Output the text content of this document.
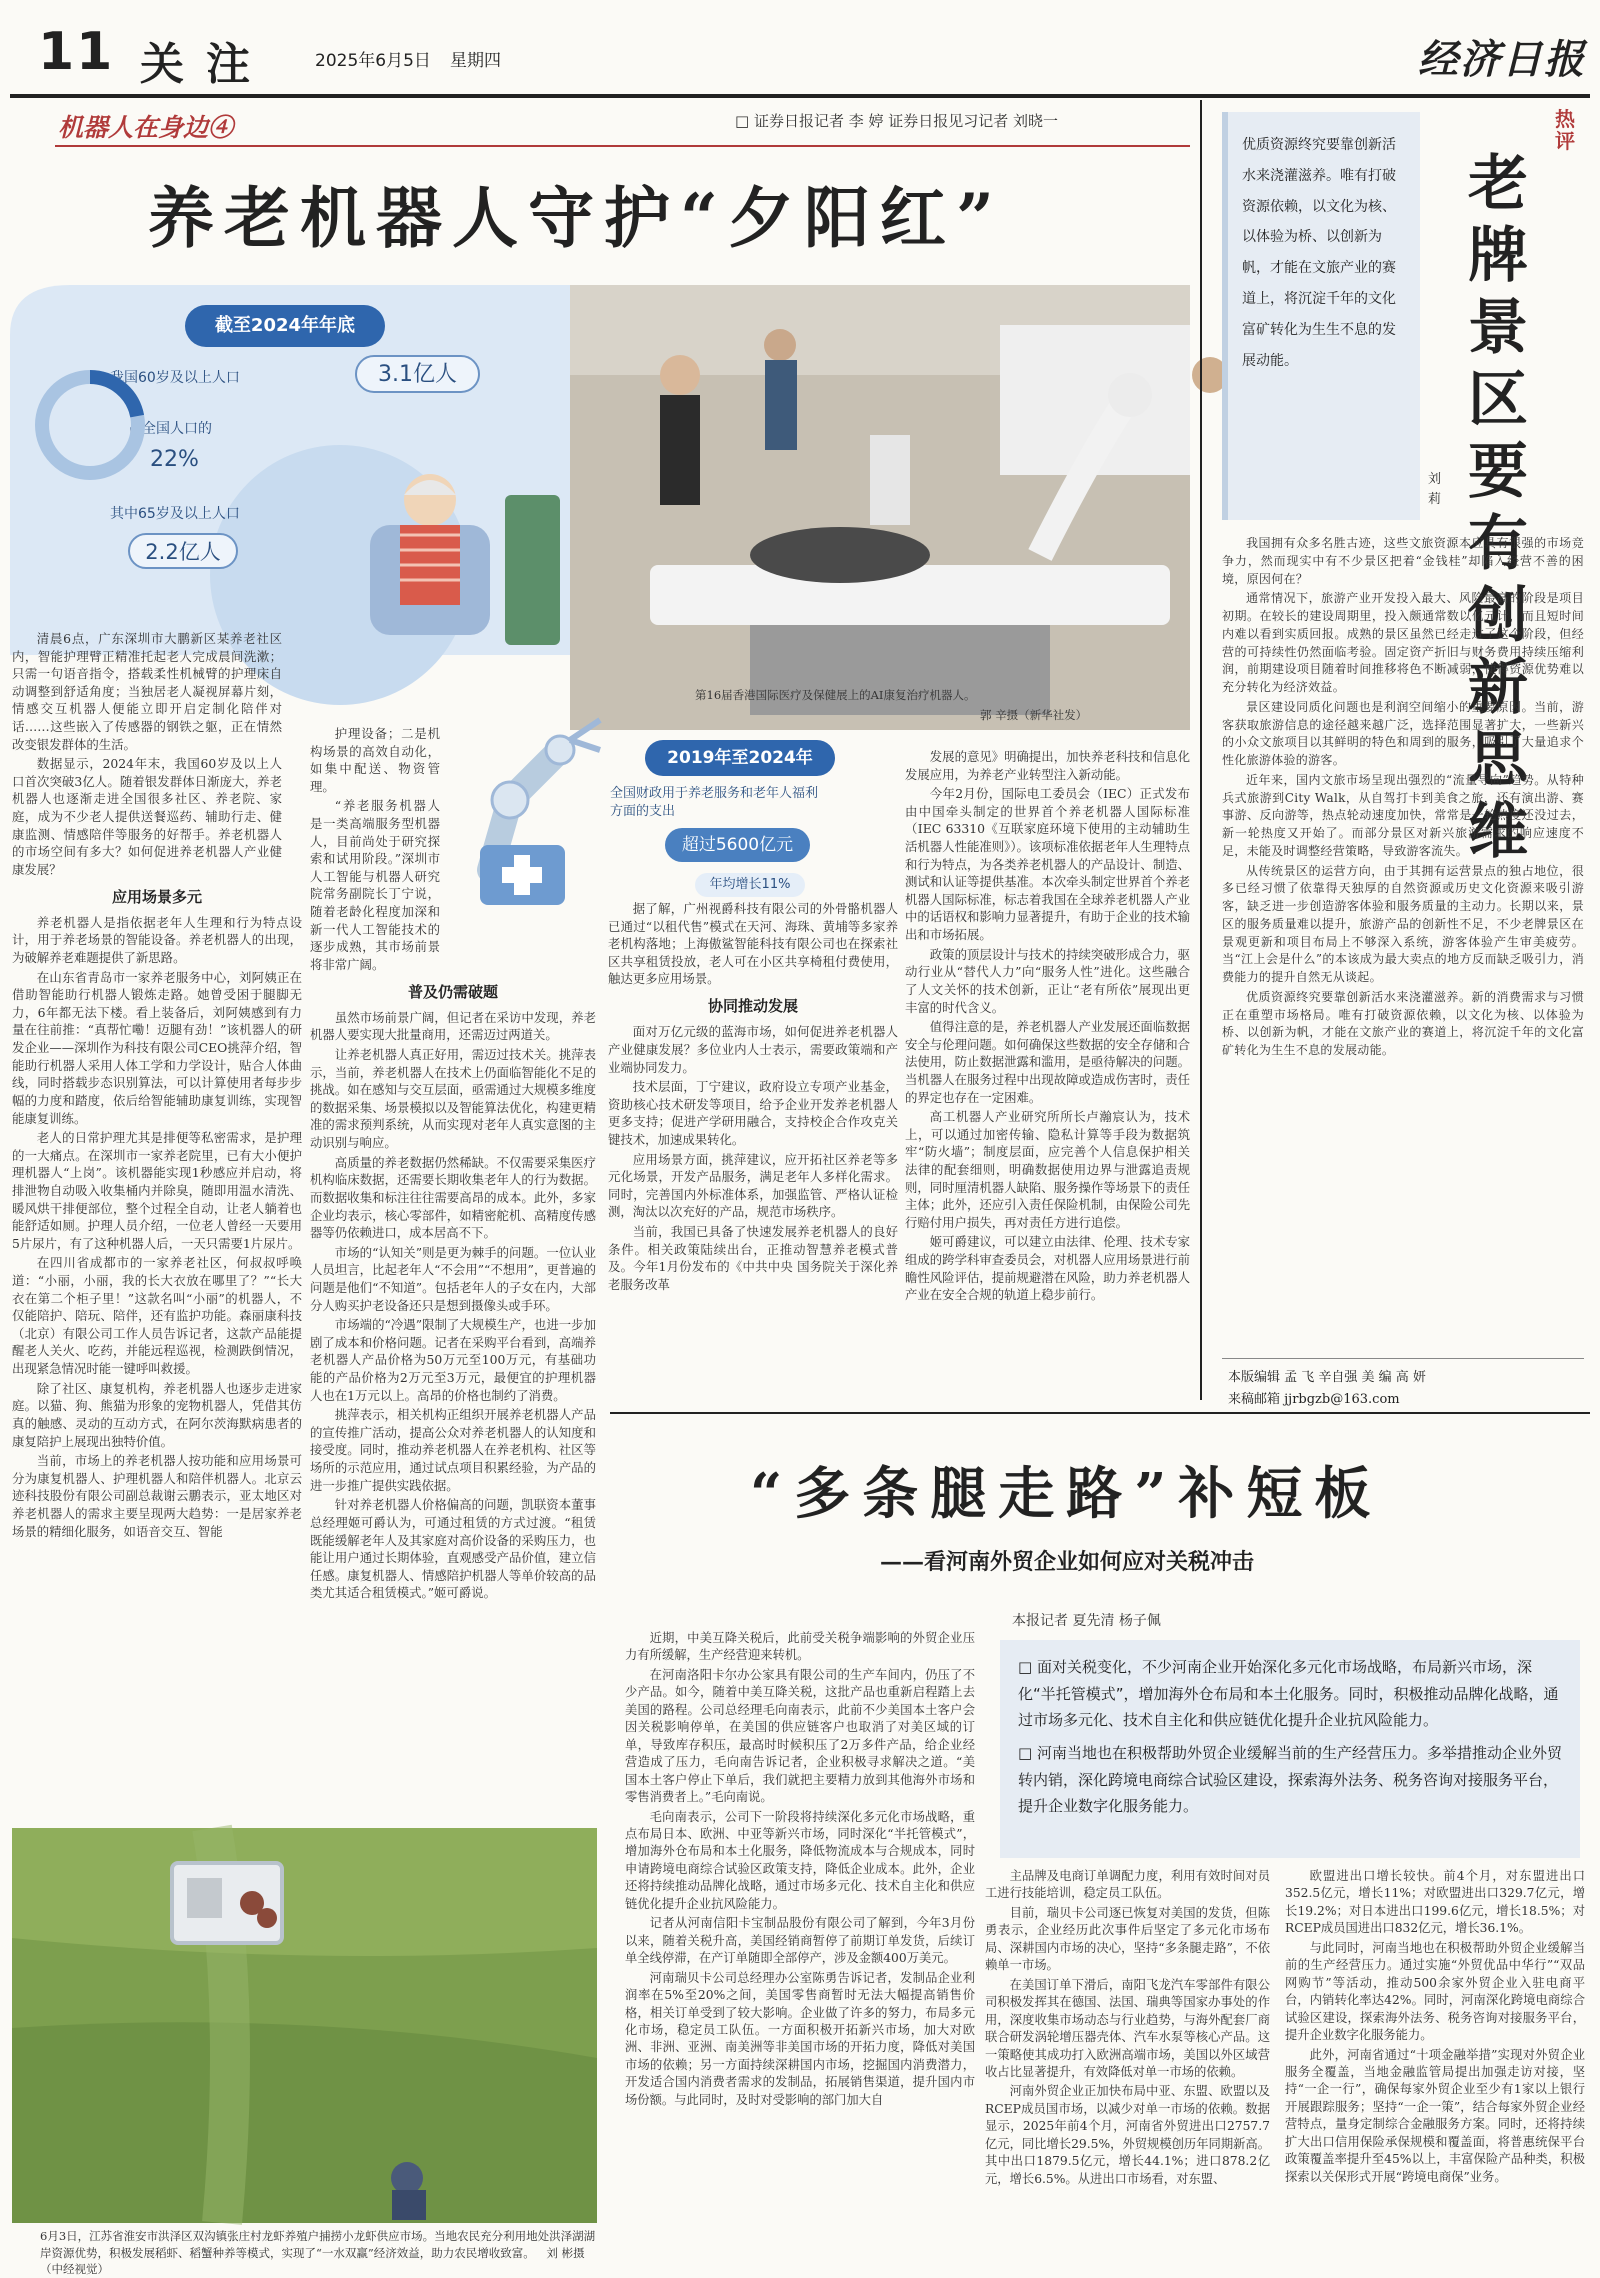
11 关注	2025年6月5日 星期四	经济日报
机器人在身边④	□ 证券日报记者 李 婷 证券日报见习记者 刘晓一
养老机器人守护“夕阳红”
截至2024年年底
我国60岁及以上人口	3.1亿人
占全国人口的
22%
其中65岁及以上人口
2.2亿人
第16届香港国际医疗及保健展上的AI康复治疗机器人。
郭 辛摄（新华社发）
2019年至2024年
全国财政用于养老服务和老年人福利方面的支出
超过5600亿元
年均增长11%

清晨6点，广东深圳市大鹏新区某养老社区内，智能护理臂正精准托起老人完成晨间洗漱；只需一句语音指令，搭载柔性机械臂的护理床自动调整到舒适角度；当独居老人凝视屏幕片刻，情感交互机器人便能立即开启定制化陪伴对话……这些嵌入了传感器的钢铁之躯，正在情然改变银发群体的生活。

数据显示，2024年末，我国60岁及以上人口首次突破3亿人。随着银发群体日渐庞大，养老机器人也逐渐走进全国很多社区、养老院、家庭，成为不少老人提供送餐巡药、辅助行走、健康监测、情感陪伴等服务的好帮手。养老机器人的市场空间有多大？如何促进养老机器人产业健康发展？

应用场景多元

养老机器人是指依据老年人生理和行为特点设计，用于养老场景的智能设备。养老机器人的出现，为破解养老难题提供了新思路。

在山东省青岛市一家养老服务中心，刘阿姨正在借助智能助行机器人锻炼走路。她曾受困于腿脚无力，6年都无法下楼。看上装备后，刘阿姨感到有力量在往前推：“真帮忙嘞！迈腿有劲！”该机器人的研发企业——深圳作为科技有限公司CEO挑萍介绍，智能助行机器人采用人体工学和力学设计，贴合人体曲线，同时搭载步态识别算法，可以计算使用者每步步幅的力度和踏度，依后给智能辅助康复训练，实现智能康复训练。

老人的日常护理尤其是排便等私密需求，是护理的一大痛点。在深圳市一家养老院里，已有大小便护理机器人“上岗”。该机器能实现1秒感应并启动，将排泄物自动吸入收集桶内并除臭，随即用温水清洗、暖风烘干排便部位，整个过程全自动，让老人躺着也能舒适如厕。护理人员介绍，一位老人曾经一天要用5片尿片，有了这种机器人后，一天只需要1片尿片。

在四川省成都市的一家养老社区，何叔叔呼唤道：“小丽，小丽，我的长大衣放在哪里了？”“长大衣在第二个柜子里！”这款名叫“小丽”的机器人，不仅能陪护、陪玩、陪伴，还有监护功能。森丽康科技（北京）有限公司工作人员告诉记者，这款产品能提醒老人关火、吃药，并能远程巡视，检测跌倒情况，出现紧急情况时能一键呼叫救援。

除了社区、康复机构，养老机器人也逐步走进家庭。以猫、狗、熊猫为形象的宠物机器人，凭借其仿真的触感、灵动的互动方式，在阿尔茨海默病患者的康复陪护上展现出独特价值。

当前，市场上的养老机器人按功能和应用场景可分为康复机器人、护理机器人和陪伴机器人。北京云迹科技股份有限公司副总裁谢云鹏表示，亚太地区对养老机器人的需求主要呈现两大趋势：一是居家养老场景的精细化服务，如语音交互、智能

护理设备；二是机构场景的高效自动化，如集中配送、物资管理。

“养老服务机器人是一类高端服务型机器人，目前尚处于研究探索和试用阶段。”深圳市人工智能与机器人研究院常务副院长丁宁说，随着老龄化程度加深和新一代人工智能技术的逐步成熟，其市场前景将非常广阔。

普及仍需破题

虽然市场前景广阔，但记者在采访中发现，养老机器人要实现大批量商用，还需迈过两道关。

让养老机器人真正好用，需迈过技术关。挑萍表示，当前，养老机器人在技术上仍面临智能化不足的挑战。如在感知与交互层面，亟需通过大规模多维度的数据采集、场景模拟以及智能算法优化，构建更精准的需求预判系统，从而实现对老年人真实意图的主动识别与响应。

高质量的养老数据仍然稀缺。不仅需要采集医疗机构临床数据，还需要长期收集老年人的行为数据。而数据收集和标注往往需要高昂的成本。此外，多家企业均表示，核心零部件，如精密舵机、高精度传感器等仍依赖进口，成本居高不下。

市场的“认知关”则是更为棘手的问题。一位认业人员坦言，比起老年人“不会用”“不想用”，更普遍的问题是他们“不知道”。包括老年人的子女在内，大部分人购买护老设备还只是想到摄像头或手环。

市场端的“冷遇”限制了大规模生产，也进一步加剧了成本和价格问题。记者在采购平台看到，高端养老机器人产品价格为50万元至100万元，有基础功能的产品价格为2万元至3万元，最便宜的护理机器人也在1万元以上。高昂的价格也制约了消费。

挑萍表示，相关机构正组织开展养老机器人产品的宣传推广活动，提高公众对养老机器人的认知度和接受度。同时，推动养老机器人在养老机构、社区等场所的示范应用，通过试点项目积累经验，为产品的进一步推广提供实践依据。

针对养老机器人价格偏高的问题，凯联资本董事总经理姬可爵认为，可通过租赁的方式过渡。“租赁既能缓解老年人及其家庭对高价设备的采购压力，也能让用户通过长期体验，直观感受产品价值，建立信任感。康复机器人、情感陪护机器人等单价较高的品类尤其适合租赁模式。”姬可爵说。

据了解，广州视爵科技有限公司的外骨骼机器人已通过“以租代售”模式在天河、海珠、黄埔等多家养老机构落地；上海傲鲨智能科技有限公司也在探索社区共享租赁投放，老人可在小区共享椅租付费使用，触达更多应用场景。

协同推动发展

面对万亿元级的蓝海市场，如何促进养老机器人产业健康发展？多位业内人士表示，需要政策端和产业端协同发力。

技术层面，丁宁建议，政府设立专项产业基金，资助核心技术研发等项目，给予企业开发养老机器人更多支持；促进产学研用融合，支持校企合作攻克关键技术，加速成果转化。

应用场景方面，挑萍建议，应开拓社区养老等多元化场景，开发产品服务，满足老年人多样化需求。同时，完善国内外标准体系，加强监管、严格认证检测，淘汰以次充好的产品，规范市场秩序。

当前，我国已具备了快速发展养老机器人的良好条件。相关政策陆续出台，正推动智慧养老模式普及。今年1月份发布的《中共中央 国务院关于深化养老服务改革

发展的意见》明确提出，加快养老科技和信息化发展应用，为养老产业转型注入新动能。

今年2月份，国际电工委员会（IEC）正式发布由中国牵头制定的世界首个养老机器人国际标准（IEC 63310《互联家庭环境下使用的主动辅助生活机器人性能准则》）。该项标准依据老年人生理特点和行为特点，为各类养老机器人的产品设计、制造、测试和认证等提供基准。本次牵头制定世界首个养老机器人国际标准，标志着我国在全球养老机器人产业中的话语权和影响力显著提升，有助于企业的技术输出和市场拓展。

政策的顶层设计与技术的持续突破形成合力，驱动行业从“替代人力”向“服务人性”进化。这些融合了人文关怀的技术创新，正让“老有所依”展现出更丰富的时代含义。

值得注意的是，养老机器人产业发展还面临数据安全与伦理问题。如何确保这些数据的安全存储和合法使用，防止数据泄露和滥用，是亟待解决的问题。当机器人在服务过程中出现故障或造成伤害时，责任的界定也存在一定困难。

高工机器人产业研究所所长卢瀚宸认为，技术上，可以通过加密传输、隐私计算等手段为数据筑牢“防火墙”；制度层面，应完善个人信息保护相关法律的配套细则，明确数据使用边界与泄露追责规则，同时厘清机器人缺陷、服务操作等场景下的责任主体；此外，还应引入责任保险机制，由保险公司先行赔付用户损失，再对责任方进行追偿。

姬可爵建议，可以建立由法律、伦理、技术专家组成的跨学科审查委员会，对机器人应用场景进行前瞻性风险评估，提前规避潜在风险，助力养老机器人产业在安全合规的轨道上稳步前行。

热评
优质资源终究要靠创新活水来浇灌滋养。唯有打破资源依赖，以文化为核、以体验为桥、以创新为帆，才能在文旅产业的赛道上，将沉淀千年的文化富矿转化为生生不息的发展动能。
老牌景区要有创新思维
刘 莉

我国拥有众多名胜古迹，这些文旅资源本应具有很强的市场竞争力，然而现实中有不少景区把着“金钱桂”却陷入经营不善的困境，原因何在？

通常情况下，旅游产业开发投入最大、风险最高的阶段是项目初期。在较长的建设周期里，投入颇通常数以亿元计，而且短时间内难以看到实质回报。成熟的景区虽然已经走过了这个阶段，但经营的可持续性仍然面临考验。固定资产折旧与财务费用持续压缩利润，前期建设项目随着时间推移将色不断减弱，使得资源优势难以充分转化为经济效益。

景区建设同质化问题也是利润空间缩小的重要原因。当前，游客获取旅游信息的途径越来越广泛，选择范围显著扩大，一些新兴的小众文旅项目以其鲜明的特色和周到的服务，吸引了大量追求个性化旅游体验的游客。

近年来，国内文旅市场呈现出强烈的“流量导向”趋势。从特种兵式旅游到City Walk，从自驾打卡到美食之旅，还有演出游、赛事游、反向游等，热点轮动速度加快，常常是一轮热度还没过去，新一轮热度又开始了。而部分景区对新兴旅游需求的响应速度不足，未能及时调整经营策略，导致游客流失。

从传统景区的运营方向，由于其拥有运营景点的独占地位，很多已经习惯了依靠得天独厚的自然资源或历史文化资源来吸引游客，缺乏进一步创造游客体验和服务质量的主动力。长期以来，景区的服务质量难以提升，旅游产品的创新性不足，不少老牌景区在景观更新和项目布局上不够深入系统，游客体验产生审美疲劳。当“江上会是什么”的本该成为最大卖点的地方反而缺乏吸引力，消费能力的提升自然无从谈起。

优质资源终究要靠创新活水来浇灌滋养。新的消费需求与习惯正在重塑市场格局。唯有打破资源依赖，以文化为核、以体验为桥、以创新为帆，才能在文旅产业的赛道上，将沉淀千年的文化富矿转化为生生不息的发展动能。

本版编辑 孟 飞 辛自强 美 编 高 妍
来稿邮箱 jjrbgzb@163.com
“多条腿走路”补短板
——看河南外贸企业如何应对关税冲击
本报记者 夏先清 杨子佩
□ 面对关税变化，不少河南企业开始深化多元化市场战略，布局新兴市场，深化“半托管模式”，增加海外仓布局和本土化服务。同时，积极推动品牌化战略，通过市场多元化、技术自主化和供应链优化提升企业抗风险能力。
□ 河南当地也在积极帮助外贸企业缓解当前的生产经营压力。多举措推动企业外贸转内销，深化跨境电商综合试验区建设，探索海外法务、税务咨询对接服务平台，提升企业数字化服务能力。

近期，中美互降关税后，此前受关税争端影响的外贸企业压力有所缓解，生产经营迎来转机。

在河南洛阳卡尔办公家具有限公司的生产车间内，仍压了不少产品。如今，随着中美互降关税，这批产品也重新启程踏上去美国的路程。公司总经理毛向南表示，此前不少美国本土客户会因关税影响停单，在美国的供应链客户也取消了对美区域的订单，导致库存积压，最高时时候积压了2万多件产品，给企业经营造成了压力，毛向南告诉记者，企业积极寻求解决之道。“美国本土客户停止下单后，我们就把主要精力放到其他海外市场和零售消费者上。”毛向南说。

毛向南表示，公司下一阶段将持续深化多元化市场战略，重点布局日本、欧洲、中亚等新兴市场，同时深化“半托管模式”，增加海外仓布局和本土化服务，降低物流成本与合规成本，同时申请跨境电商综合试验区政策支持，降低企业成本。此外，企业还将持续推动品牌化战略，通过市场多元化、技术自主化和供应链优化提升企业抗风险能力。

记者从河南信阳卡宝制品股份有限公司了解到，今年3月份以来，随着关税升高，美国经销商暂停了前期订单发货，后续订单全线停滞，在产订单随即全部停产，涉及金额400万美元。

河南瑞贝卡公司总经理办公室陈勇告诉记者，发制品企业利润率在5%至20%之间，美国零售商暂时无法大幅提高销售价格，相关订单受到了较大影响。企业做了许多的努力，布局多元化市场，稳定员工队伍。一方面积极开拓新兴市场，加大对欧洲、非洲、亚洲、南美洲等非美国市场的开拓力度，降低对美国市场的依赖；另一方面持续深耕国内市场，挖掘国内消费潜力，开发适合国内消费者需求的发制品，拓展销售渠道，提升国内市场份额。与此同时，及时对受影响的部门加大自

主品牌及电商订单调配力度，利用有效时间对员工进行技能培训，稳定员工队伍。

目前，瑞贝卡公司逐已恢复对美国的发货，但陈勇表示，企业经历此次事件后坚定了多元化市场布局、深耕国内市场的决心，坚持“多条腿走路”，不依赖单一市场。

在美国订单下滑后，南阳飞龙汽车零部件有限公司积极发挥其在德国、法国、瑞典等国家办事处的作用，深度收集市场动态与行业趋势，与海外配套厂商联合研发涡轮增压器壳体、汽车水泵等核心产品。这一策略使其成功打入欧洲高端市场，美国以外区域营收占比显著提升，有效降低对单一市场的依赖。

河南外贸企业正加快布局中亚、东盟、欧盟以及RCEP成员国市场，以减少对单一市场的依赖。数据显示，2025年前4个月，河南省外贸进出口2757.7亿元，同比增长29.5%，外贸规模创历年同期新高。其中出口1879.5亿元，增长44.1%；进口878.2亿元，增长6.5%。从进出口市场看，对东盟、

欧盟进出口增长较快。前4个月，对东盟进出口352.5亿元，增长11%；对欧盟进出口329.7亿元，增长19.2%；对日本进出口199.6亿元，增长18.5%；对RCEP成员国进出口832亿元，增长36.1%。

与此同时，河南当地也在积极帮助外贸企业缓解当前的生产经营压力。通过实施“外贸优品中华行”“双品网购节”等活动，推动500余家外贸企业入驻电商平台，内销转化率达42%。同时，河南深化跨境电商综合试验区建设，探索海外法务、税务咨询对接服务平台，提升企业数字化服务能力。

此外，河南省通过“十项金融举措”实现对外贸企业服务全覆盖，当地金融监管局提出加强走访对接，坚持“一企一行”，确保每家外贸企业至少有1家以上银行开展跟踪服务；坚持“一企一策”，结合每家外贸企业经营特点，量身定制综合金融服务方案。同时，还将持续扩大出口信用保险承保规模和覆盖面，将普惠统保平台政策覆盖率提升至45%以上，丰富保险产品种类，积极探索以关保形式开展“跨境电商保”业务。

6月3日，江苏省淮安市洪泽区双沟镇张庄村龙虾养殖户捕捞小龙虾供应市场。当地农民充分利用地处洪泽湖湖岸资源优势，积极发展稻虾、稻蟹种养等模式，实现了“一水双赢”经济效益，助力农民增收致富。 刘 彬摄（中经视觉）
